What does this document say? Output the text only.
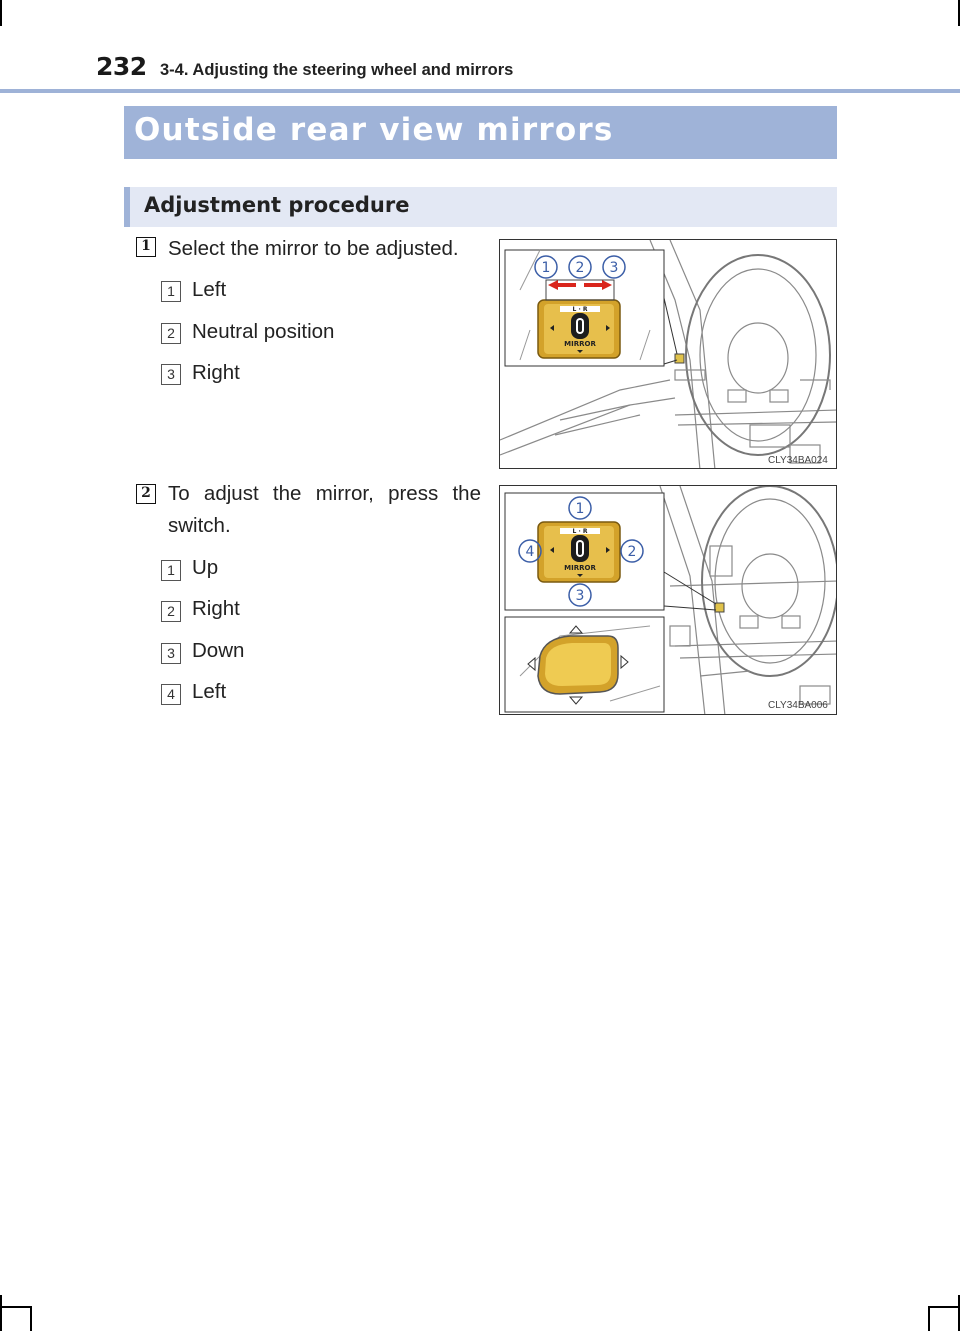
232 3-4. Adjusting the steering wheel and mirrors
Outside rear view mirrors
Adjustment procedure
1 Select the mirror to be adjusted.
1 Left
2 Neutral position
3 Right
L · R
MIRROR
1 2 3
CLY34BA024
2 To adjust the mirror, press the
switch.
1 Up
2 Right
3 Down
4 Left
L · R
MIRROR
1
2
3
4
CLY34BA006
